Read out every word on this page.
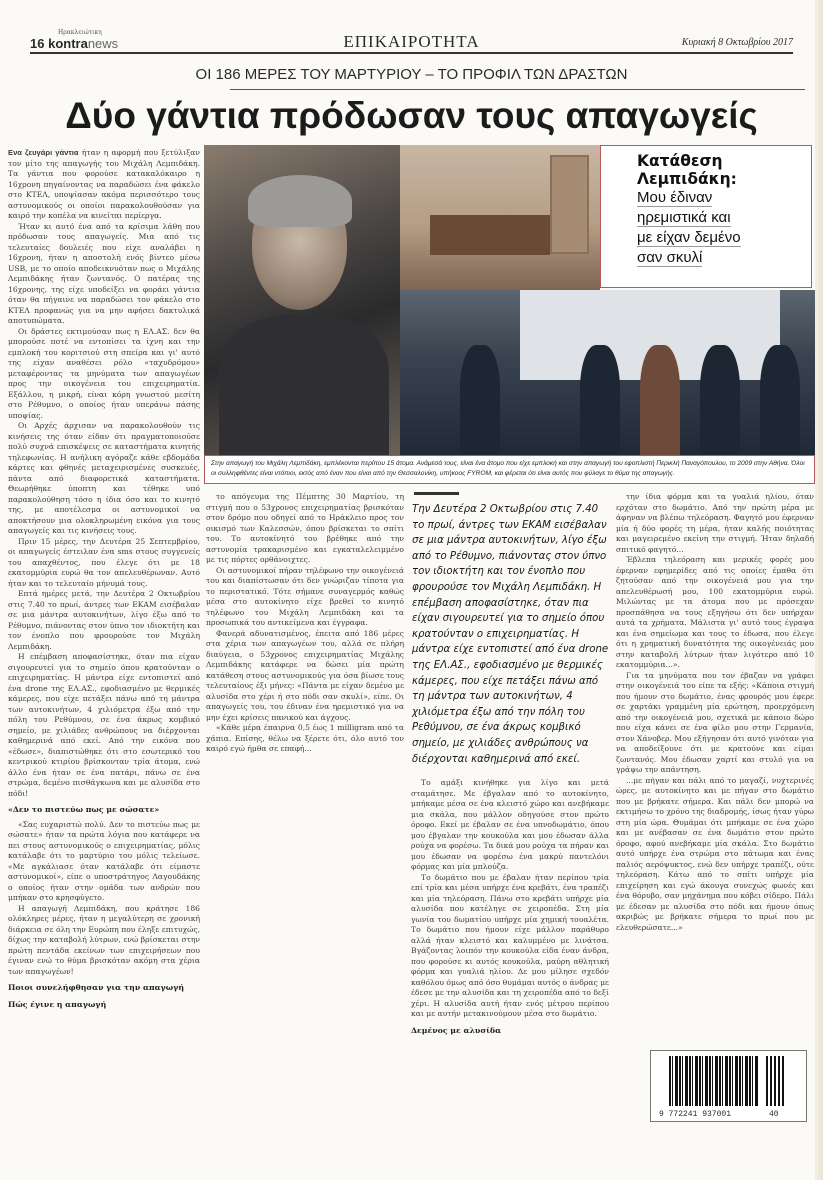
Ηρακλειώτικη
16 kontranews	ΕΠΙΚΑΙΡΟΤΗΤΑ	Κυριακή 8 Οκτωβρίου 2017
ΟΙ 186 ΜΕΡΕΣ ΤΟΥ ΜΑΡΤΥΡΙΟΥ – ΤΟ ΠΡΟΦΙΛ ΤΩΝ ΔΡΑΣΤΩΝ
Δύο γάντια πρόδωσαν τους απαγωγείς
Κατάθεση
Λεμπιδάκη:
Μου έδιναν
ηρεμιστικά και
με είχαν δεμένο
σαν σκυλί
Στην απαγωγή του Μιχάλη Λεμπιδάκη, εμπλέκονται περίπου 15 άτομα. Ανάμεσά τους, είναι ένα άτομο που είχε εμπλοκή και στην απαγωγή του εφοπλιστή Περικλή Παναγόπουλου, το 2009 στην Αθήνα. Όλοι οι συλληφθέντες είναι ντόπιοι, εκτός από έναν που είναι από την Θεσσαλονίκη, υπήκοος FYROM, και φέρεται ότι είναι αυτός που φύλαγε το θύμα της απαγωγής.

Ενα ζευγάρι γάντια ήταν η αφορμή που ξετύλιξαν τον μίτο της απαγωγής του Μιχάλη Λεμπιδάκη. Τα γάντια που φορούσε κατακαλόκαιρο η 16χρονη πηγαίνοντας να παραδώσει ένα φάκελο στο ΚΤΕΛ, υποψίασαν ακόμα περισσότερο τους αστυνομικούς οι οποίοι παρακολουθούσαν για καιρό την κοπέλα να κινείται περίεργα.

Ήταν κι αυτό ένα από τα κρίσιμα λάθη που πρόδωσαν τους απαγωγείς. Μια από τις τελευταίες δουλειές που είχε αναλάβει η 16χρονη, ήταν η αποστολή ενός βίντεο μέσω USB, με το οποίο αποδεικνυόταν πως ο Μιχάλης Λεμπιδάκης ήταν ζωντανός. Ο πατέρας της 16χρονης, της είχε υποδείξει να φοράει γάντια όταν θα πήγαινε να παραδώσει τον φάκελο στο ΚΤΕΛ προφανώς για να μην αφήσει δακτυλικά αποτυπώματα.

Οι δράστες εκτιμούσαν πως η ΕΛ.ΑΣ. δεν θα μπορούσε ποτέ να εντοπίσει τα ίχνη και την εμπλοκή του κοριτσιού στη σπείρα και γι' αυτό της είχαν αναθέσει ρόλο «ταχυδρόμου» μεταφέροντας τα μηνύματα των απαγωγέων προς την οικογένεια του επιχειρηματία. Εξάλλου, η μικρή, είναι κόρη γνωστού μεσίτη στο Ρέθυμνο, ο οποίος ήταν υπεράνω πάσης υποψίας.

Οι Αρχές άρχισαν να παρακολουθούν τις κινήσεις της όταν είδαν ότι πραγματοποιούσε πολύ συχνά επισκέψεις σε καταστήματα κινητής τηλεφωνίας. Η ανήλικη αγόραζε κάθε εβδομάδα κάρτες και φθηνές μεταχειρισμένες συσκευές, πάντα από διαφορετικά καταστήματα. Θεωρήθηκε ύποπτη και τέθηκε υπό παρακολούθηση τόσο η ίδια όσο και το κινητό της, με αποτέλεσμα οι αστυνομικοί να αποκτήσουν μια ολοκληρωμένη εικόνα για τους απαγωγείς και τις κινήσεις τους.

Πριν 15 μέρες, την Δευτέρα 25 Σεπτεμβρίου, οι απαγωγείς έστειλαν ένα sms στους συγγενείς του απαχθέντος, που έλεγε ότι με 18 εκατομμύρια ευρώ θα τον απελευθέρωναν. Αυτό ήταν και το τελευταίο μήνυμά τους.

Επτά ημέρες μετά, την Δευτέρα 2 Οκτωβρίου στις 7.40 το πρωί, άντρες των ΕΚΑΜ εισέβαλαν σε μια μάντρα αυτοκινήτων, λίγο έξω από το Ρέθυμνο, πιάνοντας στον ύπνο τον ιδιοκτήτη και τον ένοπλο που φρουρούσε τον Μιχάλη Λεμπιδάκη.

Η επέμβαση αποφασίστηκε, όταν πια είχαν σιγουρευτεί για το σημείο όπου κρατούνταν ο επιχειρηματίας. Η μάντρα είχε εντοπιστεί από ένα drone της ΕΛ.ΑΣ., εφοδιασμένο με θερμικές κάμερες, που είχε πετάξει πάνω από τη μάντρα των αυτοκινήτων, 4 χιλιόμετρα έξω από την πόλη του Ρεθύμνου, σε ένα άκρως κομβικό σημείο, με χιλιάδες ανθρώπους να διέρχονται καθημερινά από εκεί. Από την εικόνα που «έδωσε», διαπιστώθηκε ότι στο εσωτερικό του κεντρικού κτιρίου βρίσκονταν τρία άτομα, ενώ άλλο ένα ήταν σε ένα πατάρι, πάνω σε ένα στρώμα, δεμένο πισθάγκωνα και με αλυσίδα στο πόδι!

«Δεν το πιστεύω πως με σώσατε»

«Σας ευχαριστώ πολύ. Δεν το πιστεύω πως με σώσατε» ήταν τα πρώτα λόγια που κατάφερε να πει στους αστυνομικούς ο επιχειρηματίας, μόλις κατάλαβε ότι το μαρτύριο του μόλις τελείωσε. «Με αγκάλιασε όταν κατάλαβε ότι είμαστε αστυνομικοί», είπε ο υποστράτηγος Λαγουδάκης ο οποίος ήταν στην ομάδα των ανδρών που μπήκαν στο κρησφύγετο.

Η απαγωγή Λεμπιδάκη, που κράτησε 186 ολόκληρες μέρες, ήταν η μεγαλύτερη σε χρονική διάρκεια σε όλη την Ευρώπη που έληξε επιτυχώς, δίχως την καταβολή λύτρων, ενώ βρίσκεται στην πρώτη πεντάδα εκείνων των επιχειρήσεων που έγιναν ενώ το θύμα βρισκόταν ακόμη στα χέρια των απαγωγέων!

Ποιοι συνελήφθησαν για την απαγωγή
Πώς έγινε η απαγωγή

το απόγευμα της Πέμπτης 30 Μαρτίου, τη στιγμή που ο 53χρονος επιχειρηματίας βρισκόταν στον δρόμο που οδηγεί από το Ηράκλειο προς τον οικισμό των Καλεσσών, όπου βρίσκεται το σπίτι του. Το αυτοκίνητό του βρέθηκε από την αστυνομία τρακαρισμένο και εγκαταλελειμμένο με τις πόρτες ορθάνοιχτες.

Οι αστυνομικοί πήραν τηλέφωνο την οικογένειά του και διαπίστωσαν ότι δεν γνώριζαν τίποτα για το περιστατικό. Τότε σήμανε συναγερμός καθώς μέσα στο αυτοκίνητο είχε βρεθεί το κινητό τηλέφωνο του Μιχάλη Λεμπιδάκη και τα προσωπικά του αντικείμενα και έγγραφα.

Φανερά αδυνατισμένος, έπειτα από 186 μέρες στα χέρια των απαγωγέων του, αλλά σε πλήρη διαύγεια, ο 53χρονος επιχειρηματίας Μιχάλης Λεμπιδάκης κατάφερε να δώσει μία πρώτη κατάθεση στους αστυνομικούς για όσα βίωσε τους τελευταίους έξι μήνες: «Πάντα με είχαν δεμένο με αλυσίδα στο χέρι ή στο πόδι σαν σκυλί», είπε. Οι απαγωγείς του, του έδιναν ένα ηρεμιστικό για να μην έχει κρίσεις πανικού και άγχους.

«Κάθε μέρα έπαιρνα 0,5 έως 1 milligram από τα χάπια. Επίσης, θέλω να ξέρετε ότι, όλο αυτό τον καιρό εγώ ήμθα σε επαφή...

Την Δευτέρα 2 Οκτωβρίου στις 7.40 το πρωί, άντρες των ΕΚΑΜ εισέβαλαν σε μια μάντρα αυτοκινήτων, λίγο έξω από το Ρέθυμνο, πιάνοντας στον ύπνο τον ιδιοκτήτη και τον ένοπλο που φρουρούσε τον Μιχάλη Λεμπιδάκη. Η επέμβαση αποφασίστηκε, όταν πια είχαν σιγουρευτεί για το σημείο όπου κρατούνταν ο επιχειρηματίας. Η μάντρα είχε εντοπιστεί από ένα drone της ΕΛ.ΑΣ., εφοδιασμένο με θερμικές κάμερες, που είχε πετάξει πάνω από τη μάντρα των αυτοκινήτων, 4 χιλιόμετρα έξω από την πόλη του Ρεθύμνου, σε ένα άκρως κομβικό σημείο, με χιλιάδες ανθρώπους να διέρχονται καθημερινά από εκεί.

Το αμάξι κινήθηκε για λίγο και μετά σταμάτησε. Με έβγαλαν από το αυτοκίνητο, μπήκαμε μέσα σε ένα κλειστό χώρο και ανεβήκαμε μια σκάλα, που μάλλον οδηγούσε στον πρώτο όροφο. Εκεί με έβαλαν σε ένα υπνοδωμάτιο, όπου μου έβγαλαν την κουκούλα και μου έδωσαν άλλα ρούχα να φορέσω. Τα δικά μου ρούχα τα πήραν και μου έδωσαν να φορέσω ένα μακρύ παντελόνι φόρμας και μία μπλούζα.

Το δωμάτιο που με έβαλαν ήταν περίπου τρία επί τρία και μέσα υπήρχε ένα κρεβάτι, ένα τραπέζι και μία τηλεόραση. Πάνω στο κρεβάτι υπήρχε μία αλυσίδα που κατέληγε σε χειροπέδα. Στη μία γωνία του δωματίου υπήρχε μία χημική τουαλέτα. Το δωμάτιο που ήμουν είχε μάλλον παράθυρο αλλά ήταν κλειστό και καλυμμένο με λινάτσα. Βγάζοντας λοιπόν την κουκούλα είδα έναν άνδρα, που φορούσε κι αυτός κουκούλα, μαύρη αθλητική φόρμα και γυαλιά ηλίου. Δε μου μίλησε σχεδόν καθόλου όμως από όσο θυμάμαι αυτός ο άνδρας με έδεσε με την αλυσίδα και τη χειροπέδα από το δεξί χέρι. Η αλυσίδα αυτή ήταν ενός μέτρου περίπου και με αυτήν μετακινούμουν μέσα στο δωμάτιο.

Δεμένος με αλυσίδα

την ίδια φόρμα και τα γυαλιά ηλίου, όταν ερχόταν στο δωμάτιο. Από την πρώτη μέρα με άφηναν να βλέπω τηλεόραση. Φαγητό μου έφερναν μία ή δύο φορές τη μέρα, ήταν καλής ποιότητας και μαγειρεμένο εκείνη την στιγμή. Ήταν δηλαδή σπιτικό φαγητό...

Έβλεπα τηλεόραση και μερικές φορές μου έφερναν εφημερίδες από τις οποίες έμαθα ότι ζητούσαν από την οικογένειά μου για την απελευθέρωσή μου, 100 εκατομμύρια ευρώ. Μιλώντας με τα άτομα που με πρόσεχαν προσπάθησα να τους εξηγήσω ότι δεν υπήρχαν αυτά τα χρήματα. Μάλιστα γι' αυτό τους έγραψα και ένα σημείωμα και τους το έδωσα, που έλεγε ότι η χρηματική δυνατότητα της οικογένειάς μου στην καταβολή λύτρων ήταν λιγότερο από 10 εκατομμύρια...».

Για τα μηνύματα που τον έβαζαν να γράφει στην οικογένειά του είπε τα εξής: «Κάποια στιγμή που ήμουν στο δωμάτιο, ένας φρουρός μου έφερε σε χαρτάκι γραμμένη μία ερώτηση, προερχόμενη από την οικογένειά μου, σχετικά με κάποιο δώρο που είχα κάνει σε ένα φίλο μου στην Γερμανία, στον Χάνοβερ. Μου εξήγησαν ότι αυτό γινόταν για να αποδείξουνε ότι με κρατούνε και είμαι ζωντανός. Μου έδωσαν χαρτί και στυλό για να γράψω την απάντηση.

...με πήγαν και πάλι από το μαγαζί, νυχτερινές ώρες, με αυτοκίνητο και με πήγαν στο δωμάτιο που με βρήκατε σήμερα. Και πάλι δεν μπορώ να εκτιμήσω το χρόνο της διαδρομής, ίσως ήταν γύρω στη μία ώρα. Θυμάμαι ότι μπήκαμε σε ένα χώρο και με ανέβασαν σε ένα δωμάτιο στον πρώτο όροφο, αφού ανεβήκαμε μία σκάλα. Στο δωμάτιο αυτό υπήρχε ένα στρώμα στο πάτωμα και ένας παλιός αερόψυκτος, ενώ δεν υπήρχε τραπέζι, ούτε τηλεόραση. Κάτω από το σπίτι υπήρχε μία επιχείρηση και εγώ άκουγα συνεχώς φωνές και ένα θόρυβο, σαν μηχάνημα που κόβει σίδερο. Πάλι με έδεσαν με αλυσίδα στο πόδι και ήμουν όπως ακριβώς με βρήκατε σήμερα το πρωί που με ελευθερώσατε...»

9 772241 937001	40
